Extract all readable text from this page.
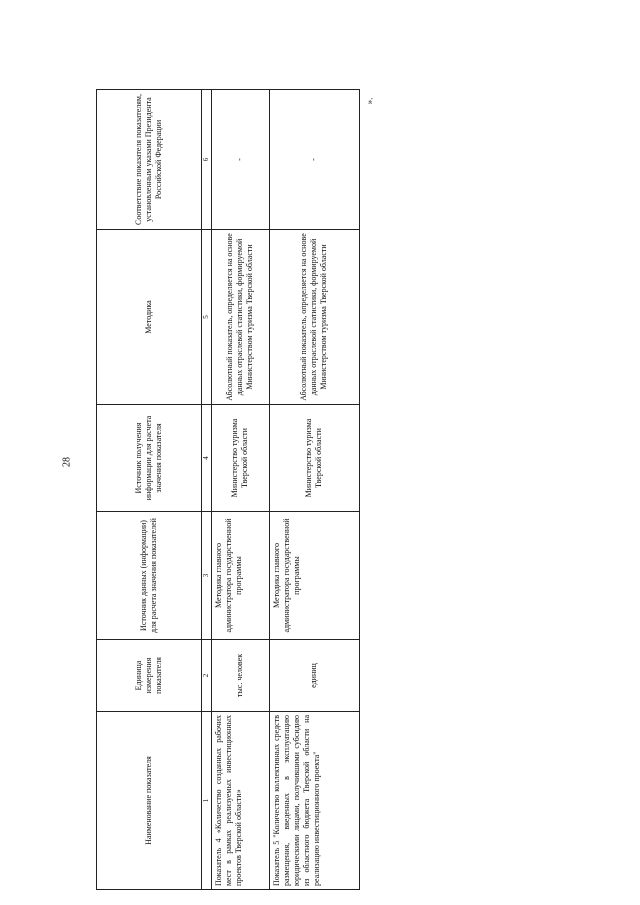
28
».
Наименование показателя	Единица измерения показателя	Источник данных (информации) для расчета значения показателей	Источник получения информации для расчета значения показателя	Методика	Соответствие показателя показателям, установленным указами Президента Российской Федерации
1	2	3	4	5	6
Показатель 4 «Количество созданных рабочих мест в рамках реализуемых инвестиционных проектов Тверской области»	тыс. человек	Методика главного администратора государственной программы	Министерство туризма Тверской области	Абсолютный показатель, определяется на основе данных отраслевой статистики, формируемой Министерством туризма Тверской области	-
Показатель 5 "Количество коллективных средств размещения, введенных в эксплуатацию юридическими лицами, получившими субсидию из областного бюджета Тверской области на реализацию инвестиционного проекта"	единиц	Методика главного администратора государственной программы	Министерство туризма Тверской области	Абсолютный показатель, определяется на основе данных отраслевой статистики, формируемой Министерством туризма Тверской области	-
